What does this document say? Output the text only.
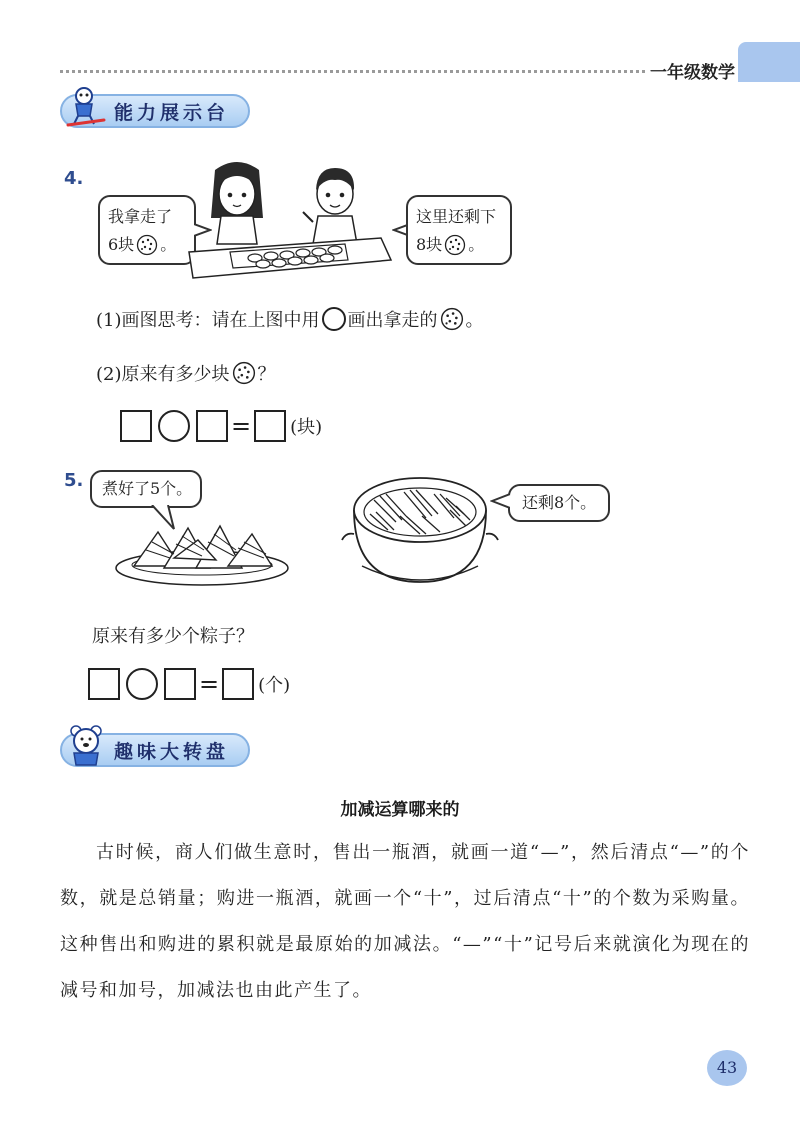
一年级数学
能力展示台
4.
我拿走了
6块 。
这里还剩下
8块 。
(1)画图思考：请在上图中用 画出拿走的 。
(2)原来有多少块 ？
= (块)
5.	煮好了5个。
还剩8个。
原来有多少个粽子？
= (个)
趣味大转盘
加减运算哪来的
古时候，商人们做生意时，售出一瓶酒，就画一道“—”，然后清点“—”的个数，就是总销量；购进一瓶酒，就画一个“十”，过后清点“十”的个数为采购量。这种售出和购进的累积就是最原始的加减法。“—”“十”记号后来就演化为现在的减号和加号，加减法也由此产生了。
43
